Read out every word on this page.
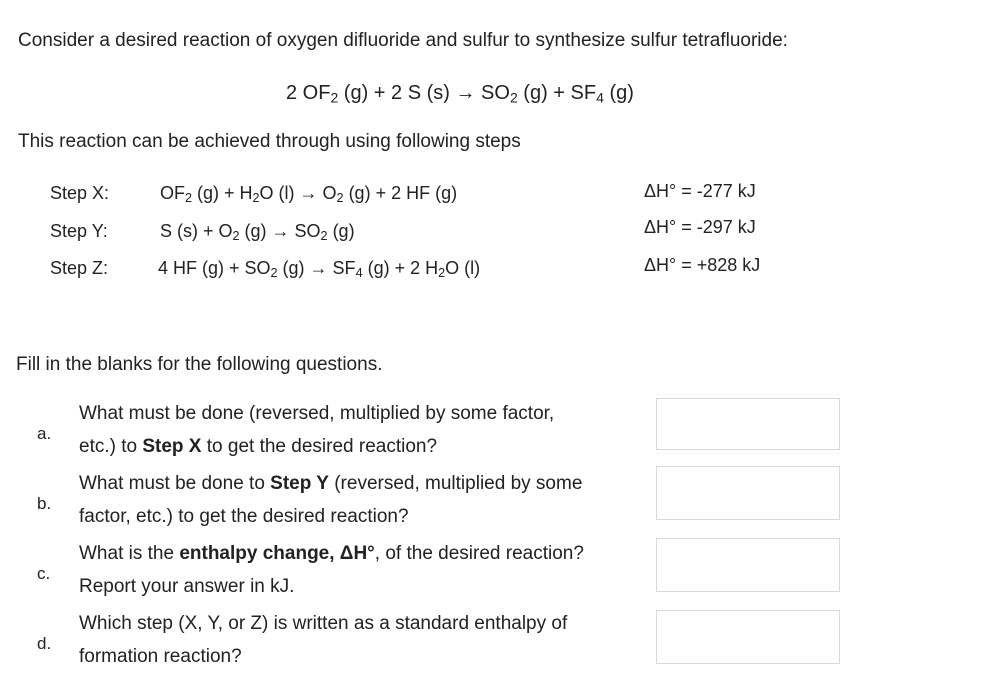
Consider a desired reaction of oxygen difluoride and sulfur to synthesize sulfur tetrafluoride:
2 $OF_2$ (g) + 2 S $(s) \to SO_2$ $(g) + SF_4$ (g)
This reaction can be achieved through using following steps
Step X:	$OF_2$ $(g) + H_2O$ $(l) \to O_2$ (g) + 2 HF (g)	ΔH° = -277 kJ
Step Y:	S $(s) + O_2$ $(g) \to SO_2$ (g)	ΔH° = -297 kJ
Step Z:	4 HF $(g) + SO_2$ $(g) \to SF_4$ (g) + 2 $H_2O$ (l)	ΔH° = +828 kJ
Fill in the blanks for the following questions.
a.
What must be done (reversed, multiplied by some factor,
etc.) to Step X to get the desired reaction?
b.
What must be done to Step Y (reversed, multiplied by some
factor, etc.) to get the desired reaction?
c.
What is the enthalpy change, ΔH°, of the desired reaction?
Report your answer in kJ.
d.
Which step (X, Y, or Z) is written as a standard enthalpy of
formation reaction?
